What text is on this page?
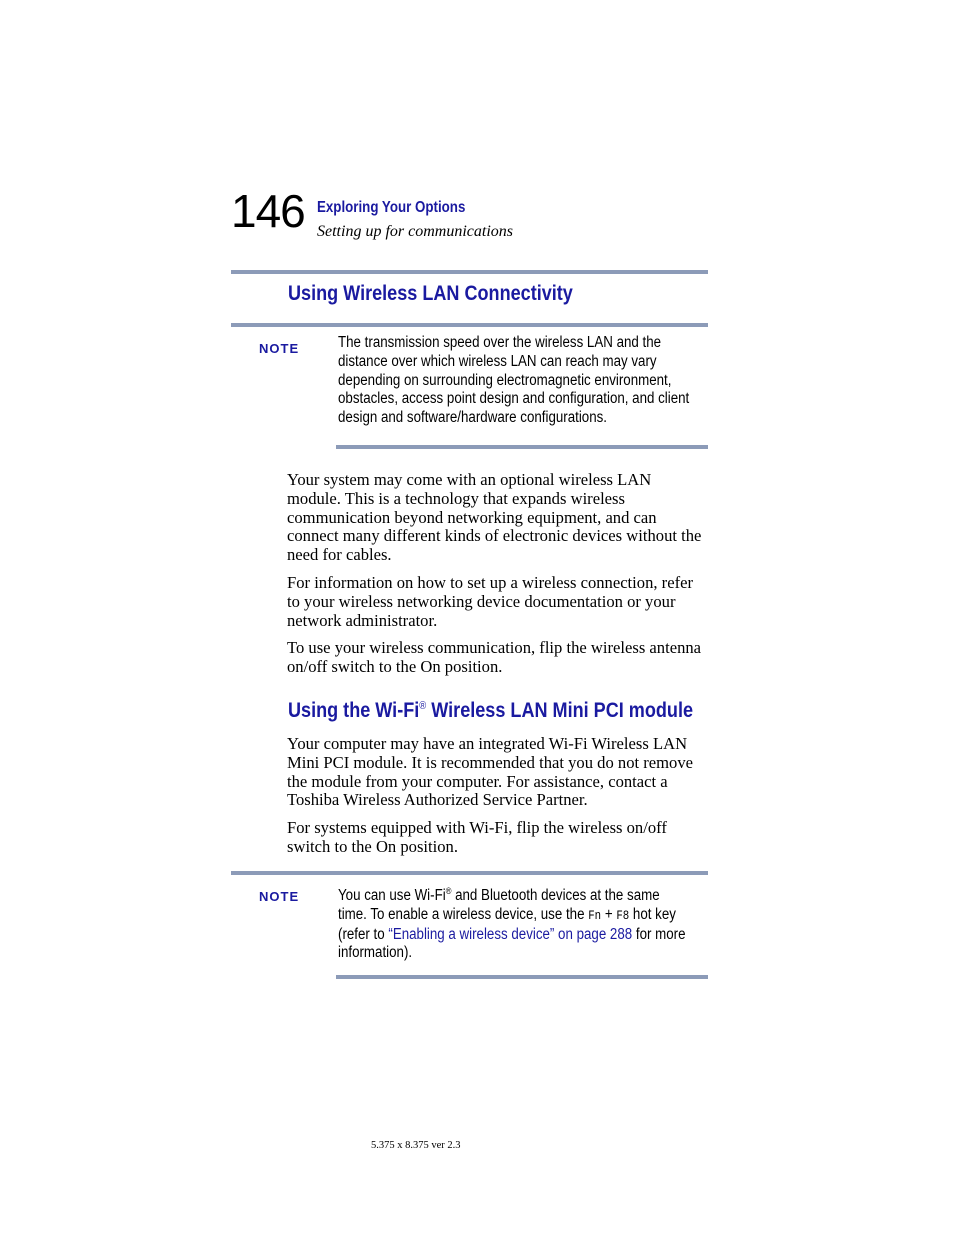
146 Exploring Your Options
Setting up for communications
Using Wireless LAN Connectivity
NOTE	The transmission speed over the wireless LAN and the distance over which wireless LAN can reach may vary depending on surrounding electromagnetic environment, obstacles, access point design and configuration, and client design and software/hardware configurations.

Your system may come with an optional wireless LAN module. This is a technology that expands wireless communication beyond networking equipment, and can connect many different kinds of electronic devices without the need for cables.

For information on how to set up a wireless connection, refer to your wireless networking device documentation or your network administrator.

To use your wireless communication, flip the wireless antenna on/off switch to the On position.

Using the Wi-Fi® Wireless LAN Mini PCI module

Your computer may have an integrated Wi-Fi Wireless LAN Mini PCI module. It is recommended that you do not remove the module from your computer. For assistance, contact a Toshiba Wireless Authorized Service Partner.

For systems equipped with Wi-Fi, flip the wireless on/off switch to the On position.

NOTE	You can use Wi-Fi® and Bluetooth devices at the same time. To enable a wireless device, use the Fn + F8 hot key (refer to “Enabling a wireless device” on page 288 for more information).

5.375 x 8.375 ver 2.3
